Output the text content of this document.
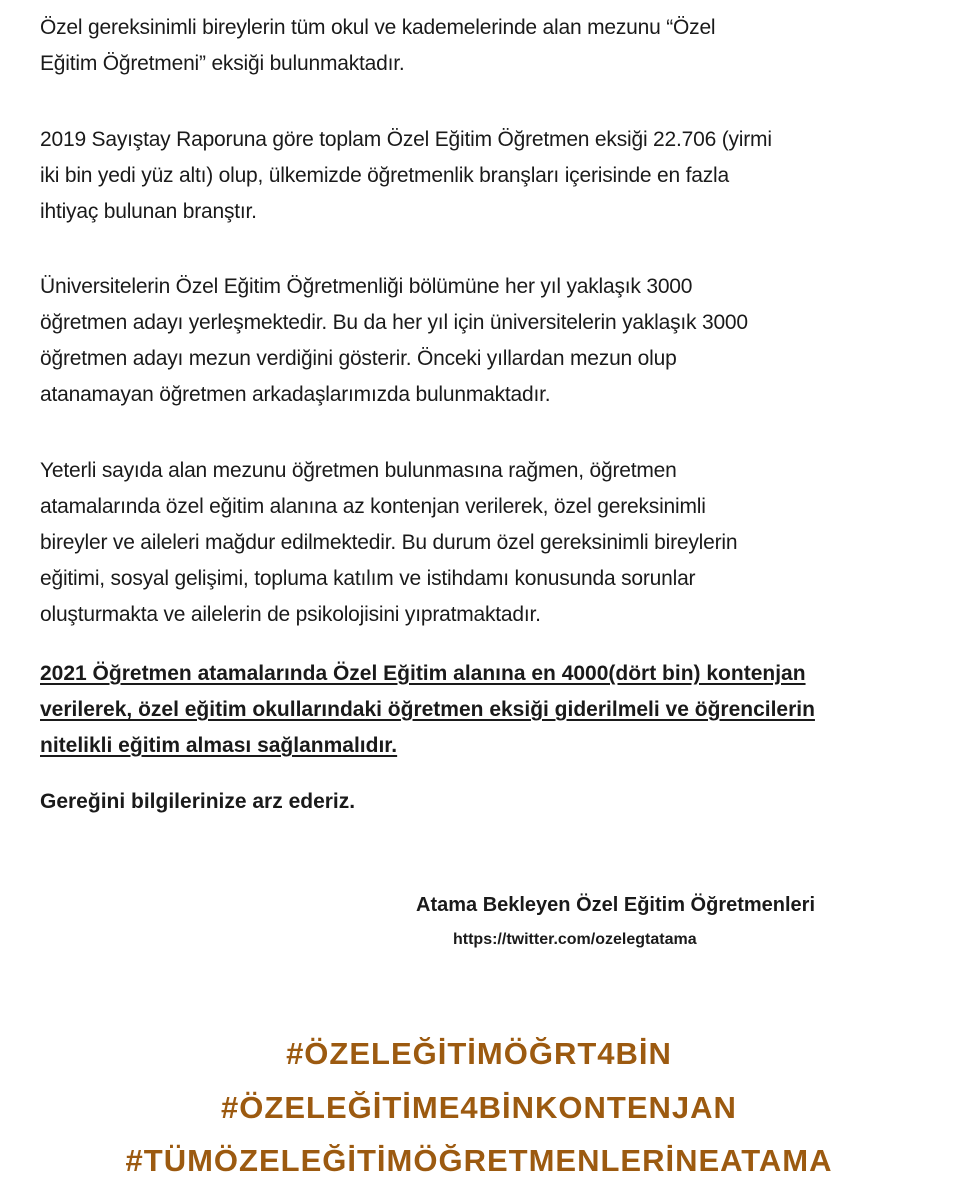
Özel gereksinimli bireylerin tüm okul ve kademelerinde alan mezunu “Özel
Eğitim Öğretmeni” eksiği bulunmaktadır.

2019 Sayıştay Raporuna göre toplam Özel Eğitim Öğretmen eksiği 22.706 (yirmi
iki bin yedi yüz altı) olup, ülkemizde öğretmenlik branşları içerisinde en fazla
ihtiyaç bulunan branştır.

Üniversitelerin Özel Eğitim Öğretmenliği bölümüne her yıl yaklaşık 3000
öğretmen adayı yerleşmektedir. Bu da her yıl için üniversitelerin yaklaşık 3000
öğretmen adayı mezun verdiğini gösterir. Önceki yıllardan mezun olup
atanamayan öğretmen arkadaşlarımızda bulunmaktadır.

Yeterli sayıda alan mezunu öğretmen bulunmasına rağmen, öğretmen
atamalarında özel eğitim alanına az kontenjan verilerek, özel gereksinimli
bireyler ve aileleri mağdur edilmektedir. Bu durum özel gereksinimli bireylerin
eğitimi, sosyal gelişimi, topluma katılım ve istihdamı konusunda sorunlar
oluşturmakta ve ailelerin de psikolojisini yıpratmaktadır.

2021 Öğretmen atamalarında Özel Eğitim alanına en 4000(dört bin) kontenjan
verilerek, özel eğitim okullarındaki öğretmen eksiği giderilmeli ve öğrencilerin
nitelikli eğitim alması sağlanmalıdır.

Gereğini bilgilerinize arz ederiz.

Atama Bekleyen Özel Eğitim Öğretmenleri
https://twitter.com/ozelegtatama
#ÖZELEĞİTİMÖĞRT4BİN
#ÖZELEĞİTİME4BİNKONTENJAN
#TÜMÖZELEĞİTİMÖĞRETMENLERİNEATAMA
